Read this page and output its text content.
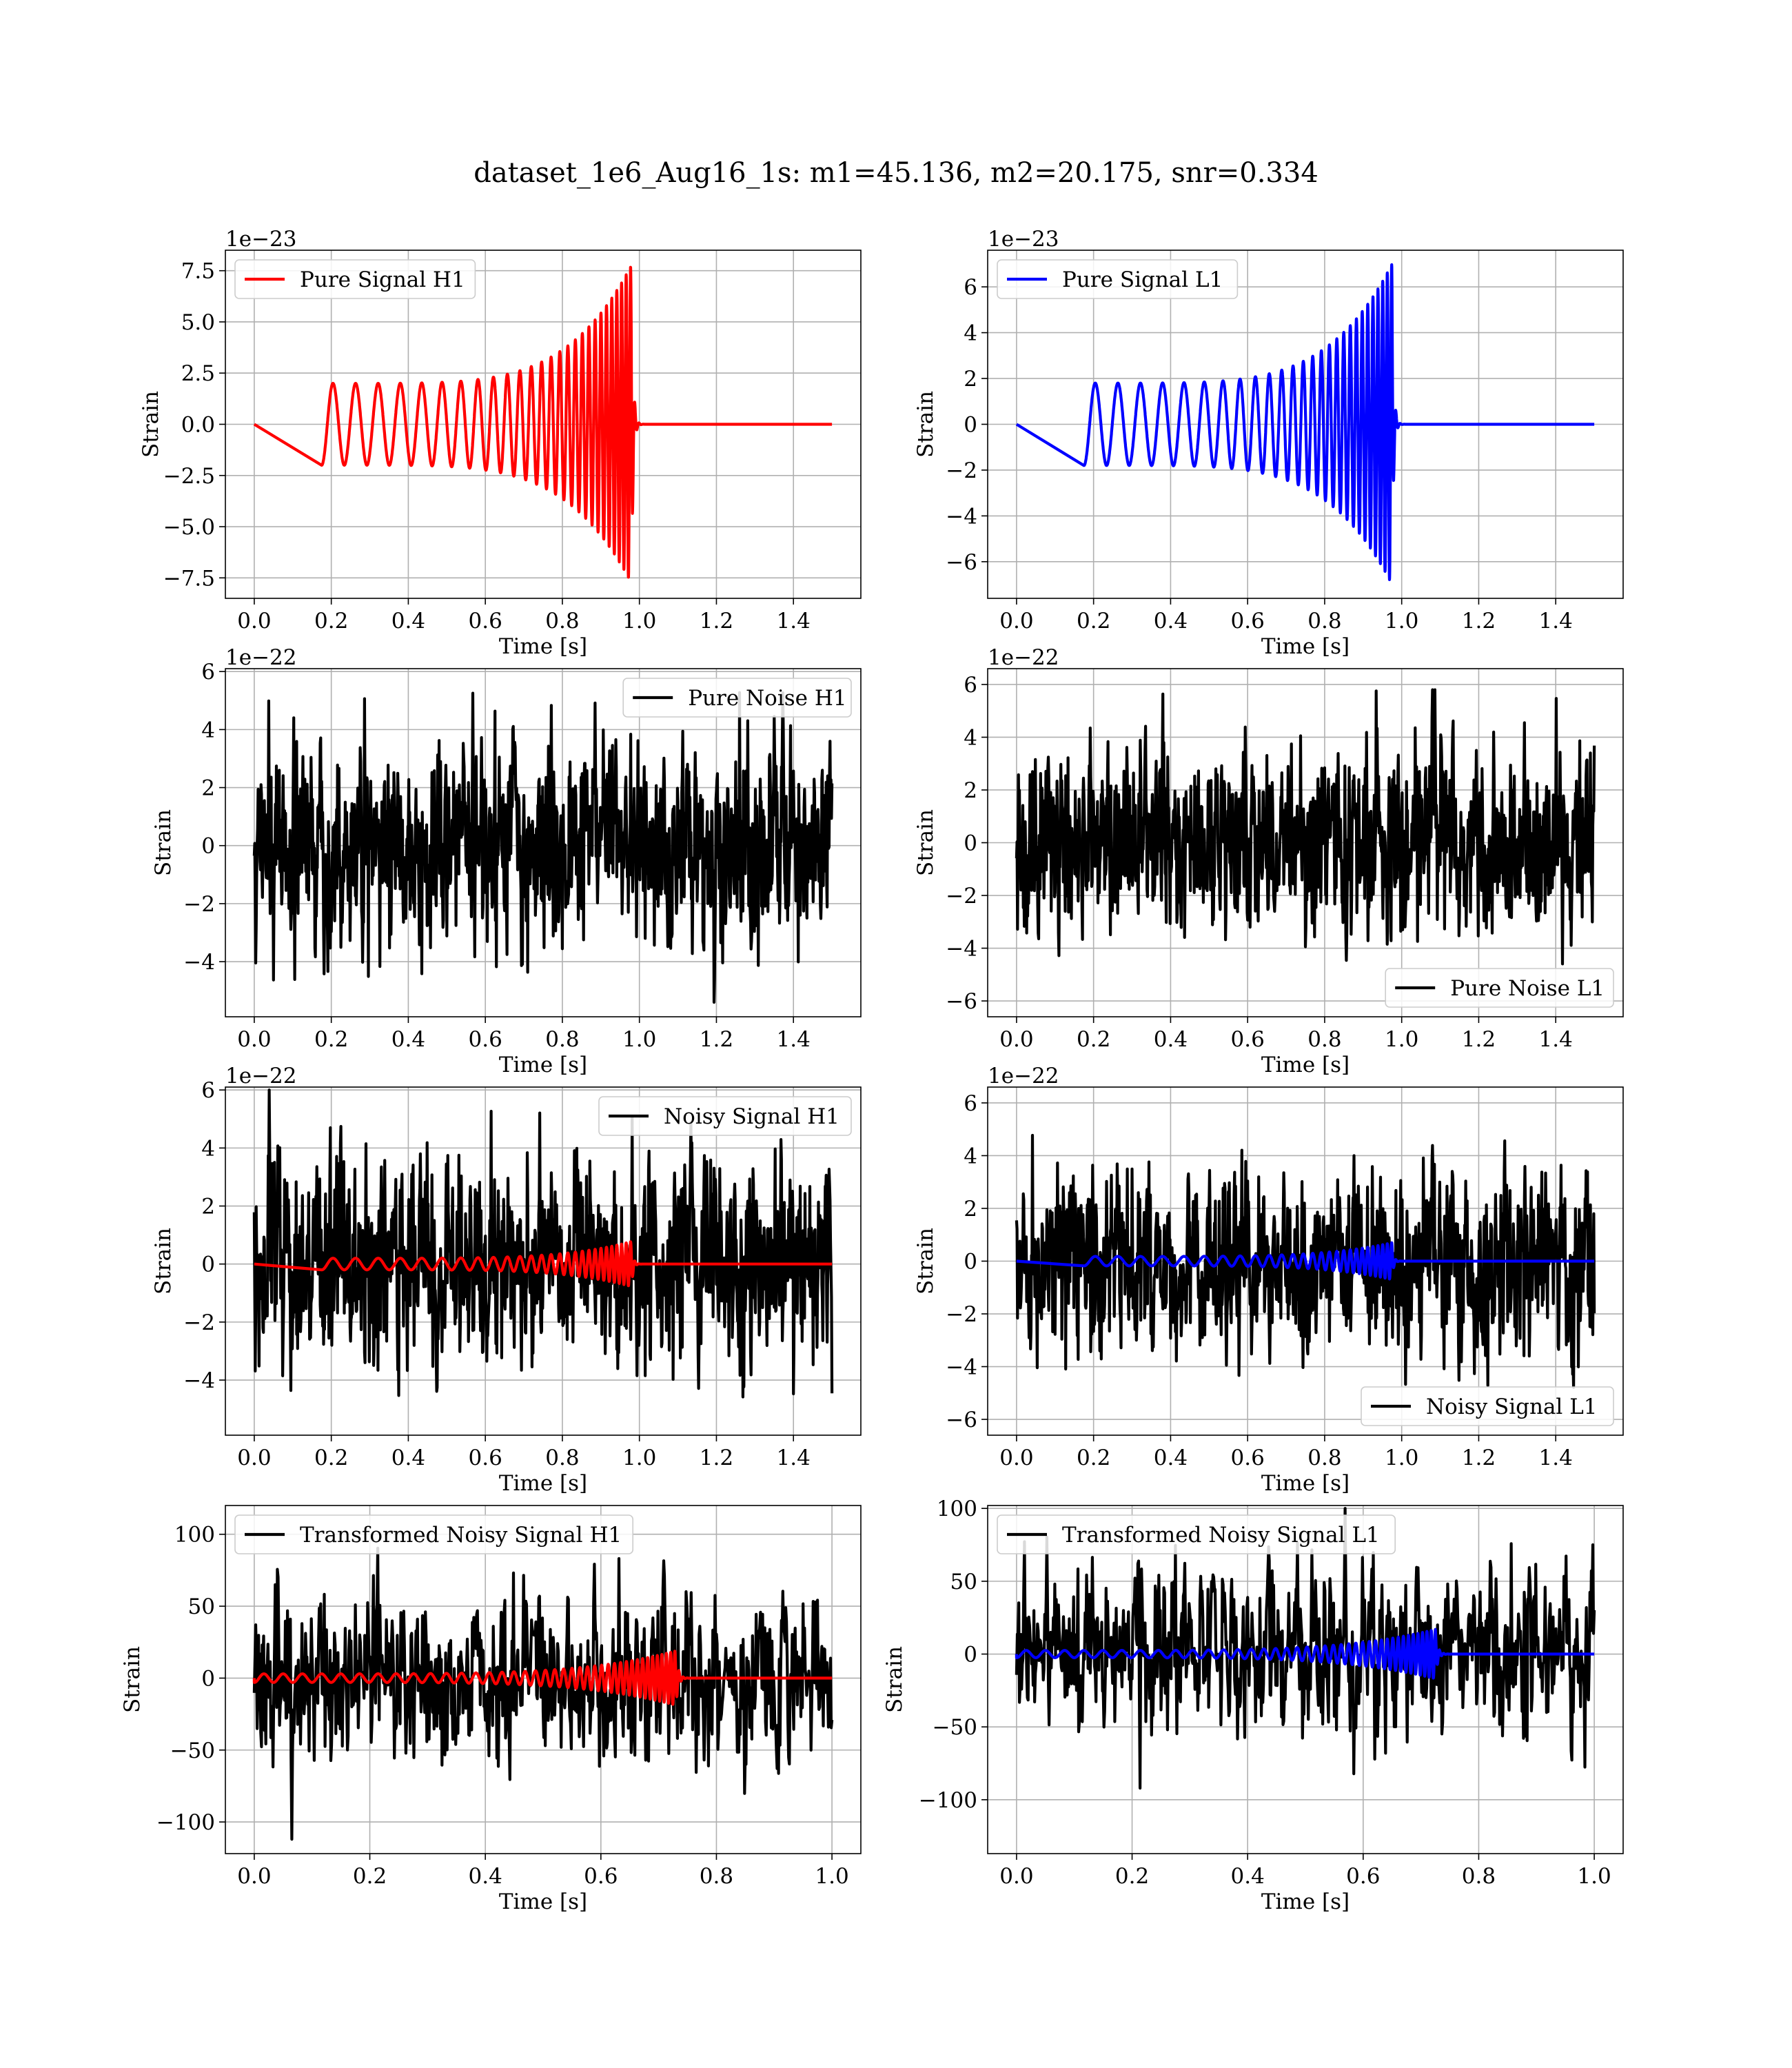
dataset_1e6_Aug16_1s: m1=45.136, m2=20.175, snr=0.334
0.0 0.2 0.4 0.6 0.8 1.0 1.2 1.4
−7.5
−5.0
−2.5
0.0
2.5
5.0
7.5
Time [s]
Strain
1e−23
Pure Signal H1
0.0 0.2 0.4 0.6 0.8 1.0 1.2 1.4
−6
−4
−2
0
2
4
6
Time [s]
Strain
1e−23
Pure Signal L1
0.0 0.2 0.4 0.6 0.8 1.0 1.2 1.4
−4
−2
0
2
4
6
Time [s]
Strain
1e−22
Pure Noise H1
0.0 0.2 0.4 0.6 0.8 1.0 1.2 1.4
−6
−4
−2
0
2
4
6
Time [s]
Strain
1e−22
Pure Noise L1
0.0 0.2 0.4 0.6 0.8 1.0 1.2 1.4
−4
−2
0
2
4
6
Time [s]
Strain
1e−22
Noisy Signal H1
0.0 0.2 0.4 0.6 0.8 1.0 1.2 1.4
−6
−4
−2
0
2
4
6
Time [s]
Strain
1e−22
Noisy Signal L1
0.0	0.2	0.4	0.6	0.8	1.0
−100
−50
0
50
100
Time [s]
Strain
Transformed Noisy Signal H1
0.0	0.2	0.4	0.6	0.8	1.0
−100
−50
0
50
100
Time [s]
Strain
Transformed Noisy Signal L1
